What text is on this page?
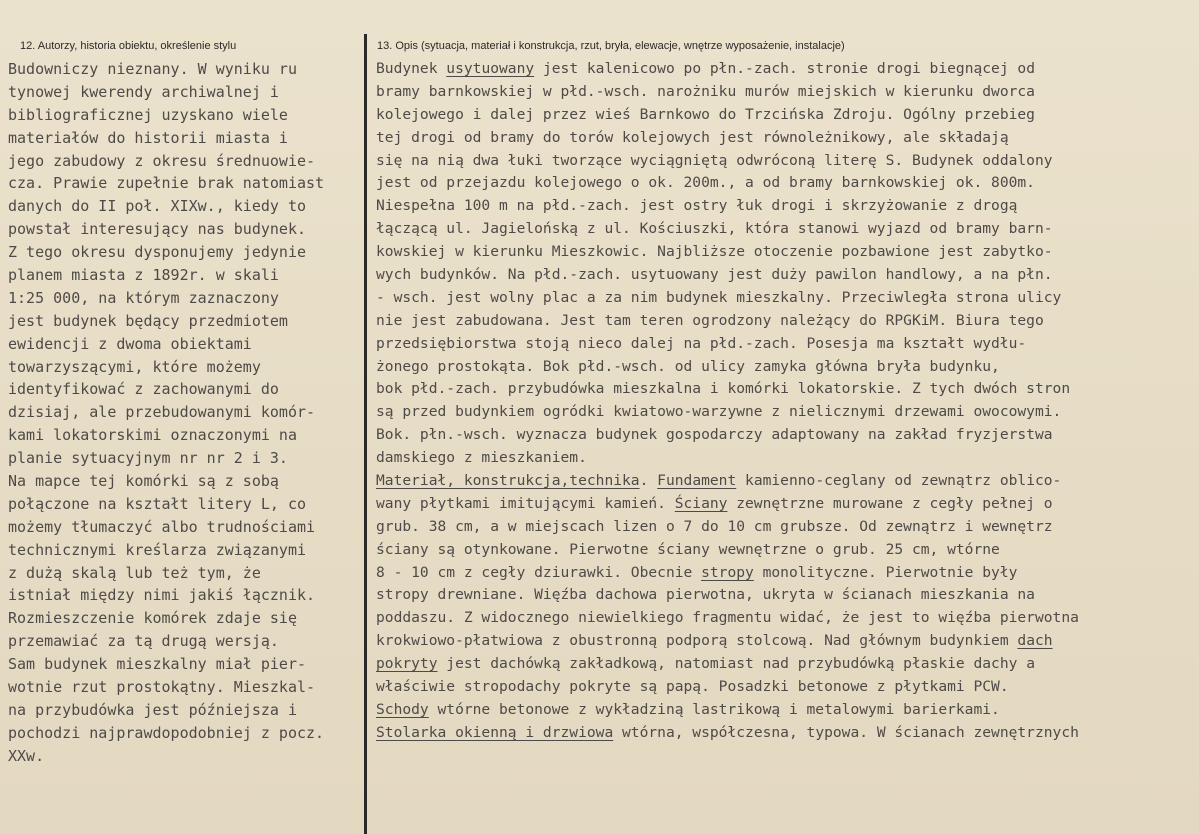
12. Autorzy, historia obiektu, określenie stylu	13. Opis (sytuacja, materiał i konstrukcja, rzut, bryła, elewacje, wnętrze wyposażenie, instalacje)
Budowniczy nieznany. W wyniku ru
tynowej kwerendy archiwalnej i
bibliograficznej uzyskano wiele
materiałów do historii miasta i
jego zabudowy z okresu średnuowie-
cza. Prawie zupełnie brak natomiast
danych do II poł. XIXw., kiedy to
powstał interesujący nas budynek.
Z tego okresu dysponujemy jedynie
planem miasta z 1892r. w skali
1:25 000, na którym zaznaczony
jest budynek będący przedmiotem
ewidencji z dwoma obiektami
towarzyszącymi, które możemy
identyfikować z zachowanymi do
dzisiaj, ale przebudowanymi komór-
kami lokatorskimi oznaczonymi na
planie sytuacyjnym nr nr 2 i 3.
Na mapce tej komórki są z sobą
połączone na kształt litery L, co
możemy tłumaczyć albo trudnościami
technicznymi kreślarza związanymi
z dużą skalą lub też tym, że
istniał między nimi jakiś łącznik.
Rozmieszczenie komórek zdaje się
przemawiać za tą drugą wersją.
Sam budynek mieszkalny miał pier-
wotnie rzut prostokątny. Mieszkal-
na przybudówka jest późniejsza i
pochodzi najprawdopodobniej z pocz.
XXw.
Budynek usytuowany jest kalenicowo po płn.-zach. stronie drogi biegnącej od
bramy barnkowskiej w płd.-wsch. narożniku murów miejskich w kierunku dworca
kolejowego i dalej przez wieś Barnkowo do Trzcińska Zdroju. Ogólny przebieg
tej drogi od bramy do torów kolejowych jest równoleżnikowy, ale składają
się na nią dwa łuki tworzące wyciągniętą odwróconą literę S. Budynek oddalony
jest od przejazdu kolejowego o ok. 200m., a od bramy barnkowskiej ok. 800m.
Niespełna 100 m na płd.-zach. jest ostry łuk drogi i skrzyżowanie z drogą
łączącą ul. Jagielońską z ul. Kościuszki, która stanowi wyjazd od bramy barn-
kowskiej w kierunku Mieszkowic. Najbliższe otoczenie pozbawione jest zabytko-
wych budynków. Na płd.-zach. usytuowany jest duży pawilon handlowy, a na płn.
- wsch. jest wolny plac a za nim budynek mieszkalny. Przeciwległa strona ulicy
nie jest zabudowana. Jest tam teren ogrodzony należący do RPGKiM. Biura tego
przedsiębiorstwa stoją nieco dalej na płd.-zach. Posesja ma kształt wydłu-
żonego prostokąta. Bok płd.-wsch. od ulicy zamyka główna bryła budynku,
bok płd.-zach. przybudówka mieszkalna i komórki lokatorskie. Z tych dwóch stron
są przed budynkiem ogródki kwiatowo-warzywne z nielicznymi drzewami owocowymi.
Bok. płn.-wsch. wyznacza budynek gospodarczy adaptowany na zakład fryzjerstwa
damskiego z mieszkaniem.
Materiał, konstrukcja,technika. Fundament kamienno-ceglany od zewnątrz oblico-
wany płytkami imitującymi kamień. Ściany zewnętrzne murowane z cegły pełnej o
grub. 38 cm, a w miejscach lizen o 7 do 10 cm grubsze. Od zewnątrz i wewnętrz
ściany są otynkowane. Pierwotne ściany wewnętrzne o grub. 25 cm, wtórne
8 - 10 cm z cegły dziurawki. Obecnie stropy monolityczne. Pierwotnie były
stropy drewniane. Więźba dachowa pierwotna, ukryta w ścianach mieszkania na
poddaszu. Z widocznego niewielkiego fragmentu widać, że jest to więźba pierwotna
krokwiowo-płatwiowa z obustronną podporą stolcową. Nad głównym budynkiem dach
pokryty jest dachówką zakładkową, natomiast nad przybudówką płaskie dachy a
właściwie stropodachy pokryte są papą. Posadzki betonowe z płytkami PCW.
Schody wtórne betonowe z wykładziną lastrikową i metalowymi barierkami.
Stolarka okienną i drzwiowa wtórna, współczesna, typowa. W ścianach zewnętrznych
